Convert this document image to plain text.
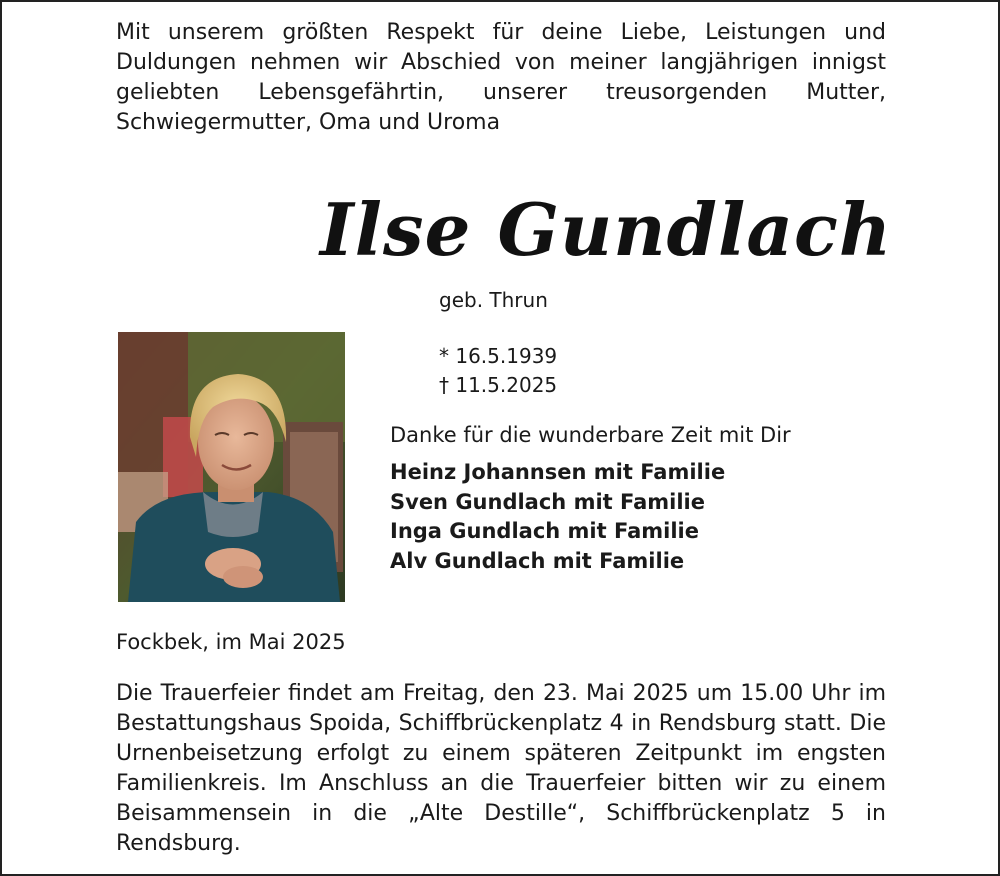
Mit unserem größten Respekt für deine Liebe, Leistungen und Duldungen nehmen wir Abschied von meiner langjährigen innigst geliebten Lebensgefährtin, unserer treusorgenden Mutter, Schwiegermutter, Oma und Uroma

Ilse Gundlach

geb. Thrun

* 16.5.1939
† 11.5.2025

Danke für die wunderbare Zeit mit Dir

Heinz Johannsen mit Familie
Sven Gundlach mit Familie
Inga Gundlach mit Familie
Alv Gundlach mit Familie

Fockbek, im Mai 2025

Die Trauerfeier findet am Freitag, den 23. Mai 2025 um 15.00 Uhr im Bestattungshaus Spoida, Schiffbrückenplatz 4 in Rendsburg statt. Die Urnenbeisetzung erfolgt zu einem späteren Zeitpunkt im engsten Familienkreis. Im Anschluss an die Trauerfeier bitten wir zu einem Beisammensein in die „Alte Destille“, Schiffbrückenplatz 5 in Rendsburg.
